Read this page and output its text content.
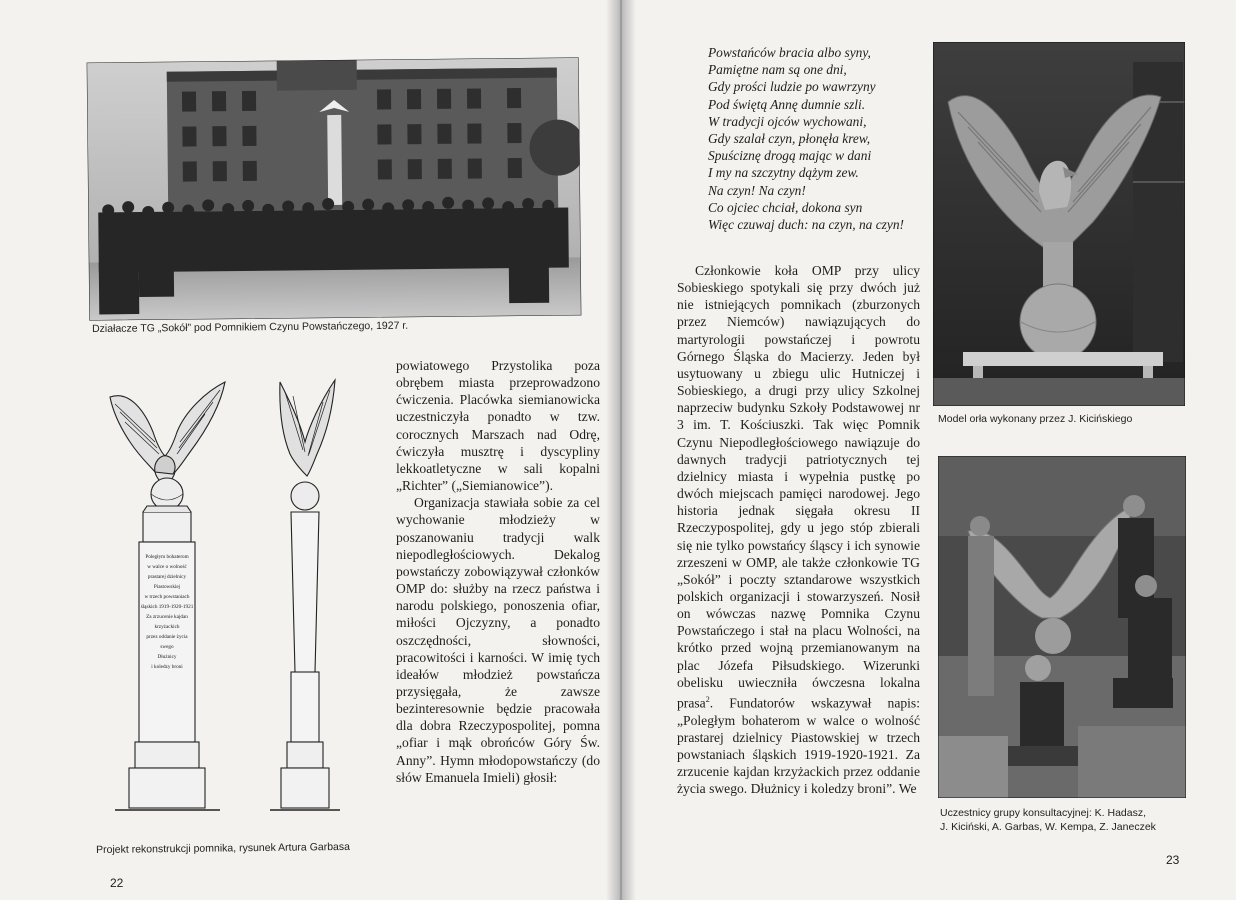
Działacze TG „Sokół” pod Pomnikiem Czynu Powstańczego, 1927 r.
Poległym bohaterom
w walce o wolność
prastarej dzielnicy
Piastowskiej
w trzech powstaniach
śląskich 1919-1920-1921
Za zrzucenie kajdan
krzyżackich
przez oddanie życia
swego
Dłużnicy
i koledzy broni
Projekt rekonstrukcji pomnika, rysunek Artura Garbasa

powiatowego Przystolika poza obrębem miasta przeprowadzono ćwiczenia. Placówka siemianowicka uczestniczyła ponadto w tzw. corocznych Marszach nad Odrę, ćwiczyła musztrę i dyscypliny lekkoatletyczne w sali kopalni „Richter” („Siemianowice”).

Organizacja stawiała sobie za cel wychowanie młodzieży w poszanowaniu tradycji walk niepodległościowych. Dekalog powstańczy zobowiązywał członków OMP do: służby na rzecz państwa i narodu polskiego, ponoszenia ofiar, miłości Ojczyzny, a ponadto oszczędności, słowności, pracowitości i karności. W imię tych ideałów młodzież powstańcza przysięgała, że zawsze bezinteresownie będzie pracowała dla dobra Rzeczypospolitej, pomna „ofiar i mąk obrońców Góry Św. Anny”. Hymn młodopowstańczy (do słów Emanuela Imieli) głosił:

22
Powstańców bracia albo syny,
Pamiętne nam są one dni,
Gdy prości ludzie po wawrzyny
Pod świętą Annę dumnie szli.
W tradycji ojców wychowani,
Gdy szalał czyn, płonęła krew,
Spuściznę drogą mając w dani
I my na szczytny dążym zew.
Na czyn! Na czyn!
Co ojciec chciał, dokona syn
Więc czuwaj duch: na czyn, na czyn!

Członkowie koła OMP przy ulicy Sobieskiego spotykali się przy dwóch już nie istniejących pomnikach (zburzonych przez Niemców) nawiązujących do martyrologii powstańczej i powrotu Górnego Śląska do Macierzy. Jeden był usytuowany u zbiegu ulic Hutniczej i Sobieskiego, a drugi przy ulicy Szkolnej naprzeciw budynku Szkoły Podstawowej nr 3 im. T. Kościuszki. Tak więc Pomnik Czynu Niepodległościowego nawiązuje do dawnych tradycji patriotycznych tej dzielnicy miasta i wypełnia pustkę po dwóch miejscach pamięci narodowej. Jego historia jednak sięgała okresu II Rzeczypospolitej, gdy u jego stóp zbierali się nie tylko powstańcy śląscy i ich synowie zrzeszeni w OMP, ale także członkowie TG „Sokół” i poczty sztandarowe wszystkich polskich organizacji i stowarzyszeń. Nosił on wówczas nazwę Pomnika Czynu Powstańczego i stał na placu Wolności, na krótko przed wojną przemianowanym na plac Józefa Piłsudskiego. Wizerunki obelisku uwieczniła ówczesna lokalna prasa$^2$. Fundatorów wskazywał napis: „Poległym bohaterom w walce o wolność prastarej dzielnicy Piastowskiej w trzech powstaniach śląskich 1919-1920-1921. Za zrzucenie kajdan krzyżackich przez oddanie życia swego. Dłużnicy i koledzy broni”. We

Model orła wykonany przez J. Kicińskiego
Uczestnicy grupy konsultacyjnej: K. Hadasz,
J. Kiciński, A. Garbas, W. Kempa, Z. Janeczek
23
